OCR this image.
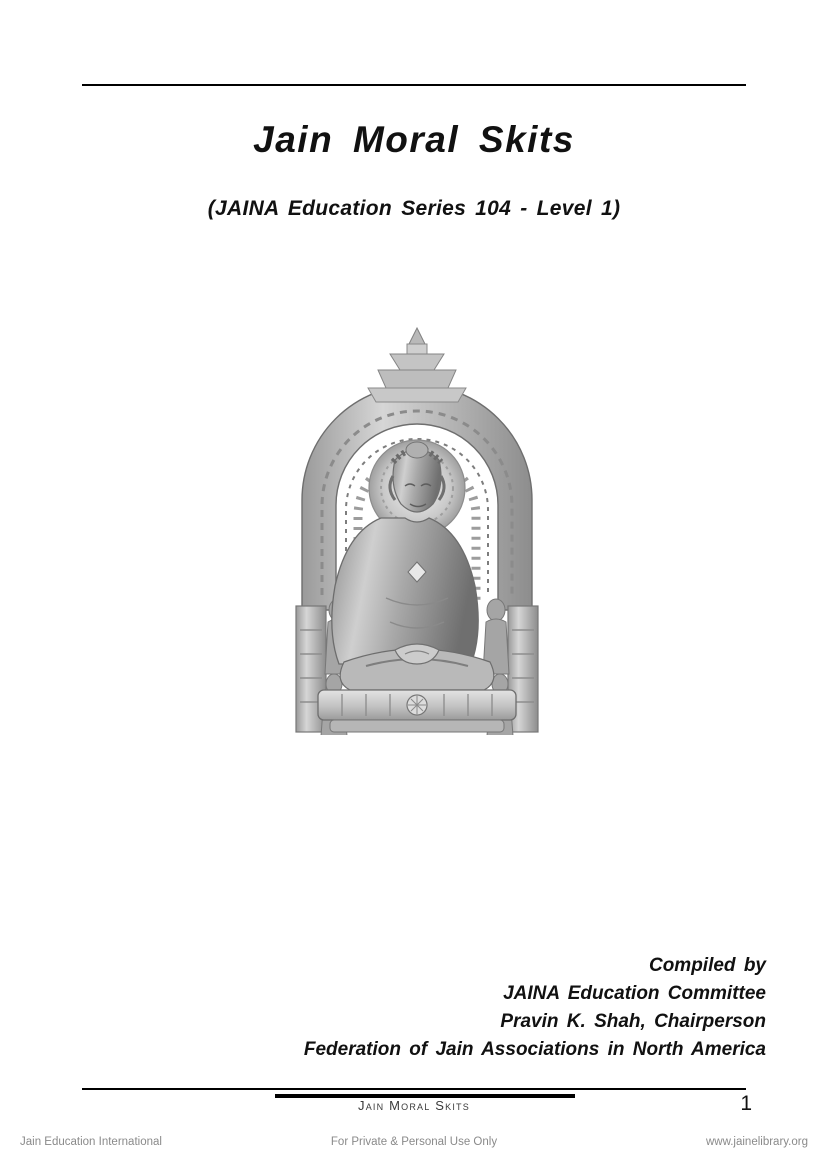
Jain Moral Skits

(JAINA Education Series 104 - Level 1)

Compiled by
JAINA Education Committee
Pravin K. Shah, Chairperson
Federation of Jain Associations in North America
Jain Moral Skits	1
Jain Education International	For Private & Personal Use Only	www.jainelibrary.org
